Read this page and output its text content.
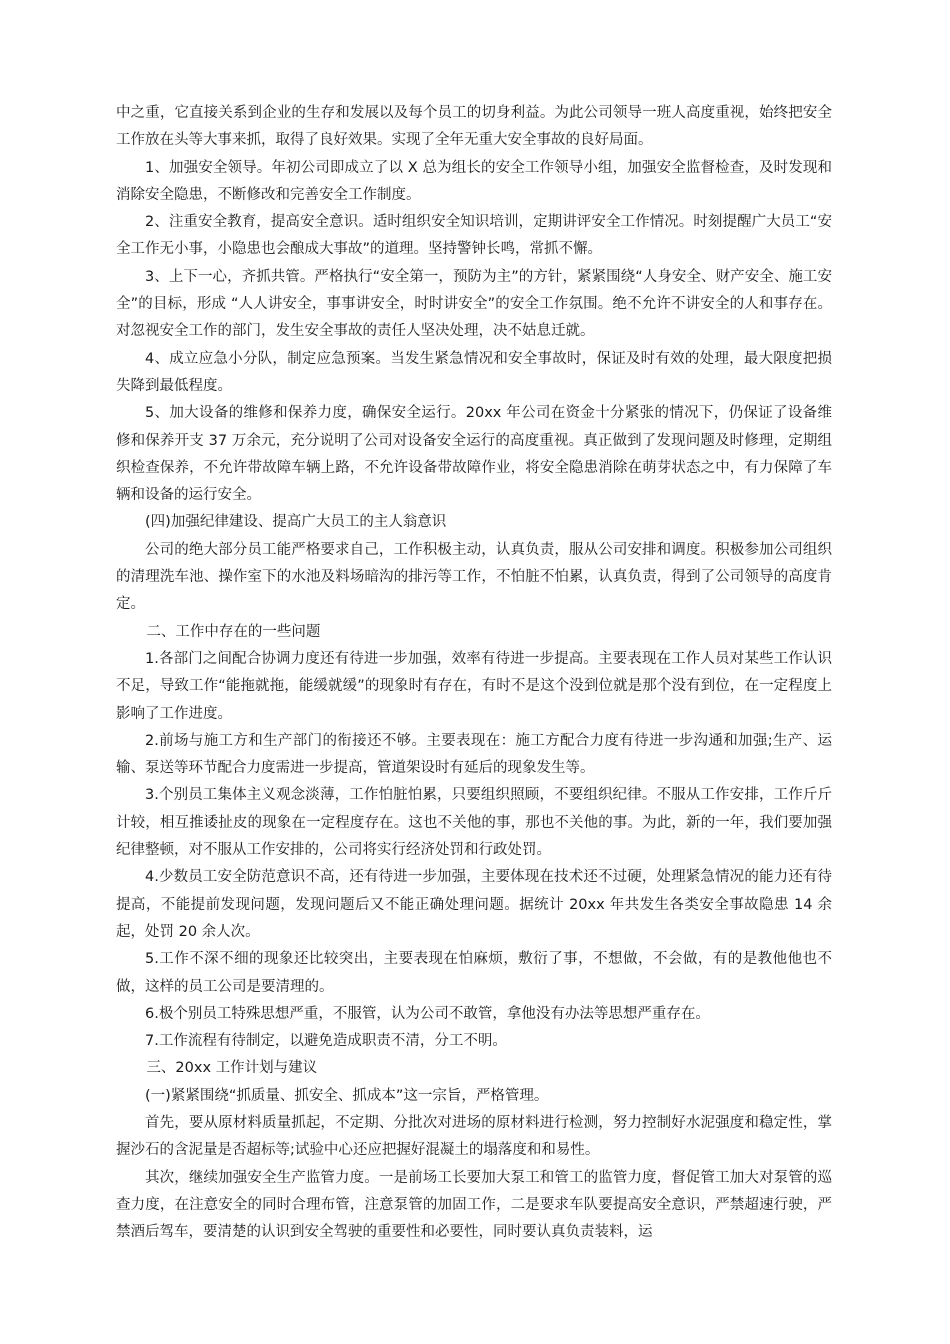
中之重，它直接关系到企业的生存和发展以及每个员工的切身利益。为此公司领导一班人高度重视，始终把安全工作放在头等大事来抓，取得了良好效果。实现了全年无重大安全事故的良好局面。

1、加强安全领导。年初公司即成立了以 X 总为组长的安全工作领导小组，加强安全监督检查，及时发现和消除安全隐患，不断修改和完善安全工作制度。

2、注重安全教育，提高安全意识。适时组织安全知识培训，定期讲评安全工作情况。时刻提醒广大员工“安全工作无小事，小隐患也会酿成大事故”的道理。坚持警钟长鸣，常抓不懈。

3、上下一心，齐抓共管。严格执行“安全第一，预防为主”的方针，紧紧围绕“人身安全、财产安全、施工安全”的目标，形成 “人人讲安全，事事讲安全，时时讲安全”的安全工作氛围。绝不允许不讲安全的人和事存在。对忽视安全工作的部门，发生安全事故的责任人坚决处理，决不姑息迁就。

4、成立应急小分队，制定应急预案。当发生紧急情况和安全事故时，保证及时有效的处理，最大限度把损失降到最低程度。

5、加大设备的维修和保养力度，确保安全运行。20xx 年公司在资金十分紧张的情况下，仍保证了设备维修和保养开支 37 万余元，充分说明了公司对设备安全运行的高度重视。真正做到了发现问题及时修理，定期组织检查保养，不允许带故障车辆上路，不允许设备带故障作业，将安全隐患消除在萌芽状态之中，有力保障了车辆和设备的运行安全。

(四)加强纪律建设、提高广大员工的主人翁意识

公司的绝大部分员工能严格要求自己，工作积极主动，认真负责，服从公司安排和调度。积极参加公司组织的清理洗车池、操作室下的水池及料场暗沟的排污等工作，不怕脏不怕累，认真负责，得到了公司领导的高度肯定。

二、工作中存在的一些问题

1.各部门之间配合协调力度还有待进一步加强，效率有待进一步提高。主要表现在工作人员对某些工作认识不足，导致工作“能拖就拖，能缓就缓”的现象时有存在，有时不是这个没到位就是那个没有到位，在一定程度上影响了工作进度。

2.前场与施工方和生产部门的衔接还不够。主要表现在：施工方配合力度有待进一步沟通和加强;生产、运输、泵送等环节配合力度需进一步提高，管道架设时有延后的现象发生等。

3.个别员工集体主义观念淡薄，工作怕脏怕累，只要组织照顾，不要组织纪律。不服从工作安排，工作斤斤计较，相互推诿扯皮的现象在一定程度存在。这也不关他的事，那也不关他的事。为此，新的一年，我们要加强纪律整顿，对不服从工作安排的，公司将实行经济处罚和行政处罚。

4.少数员工安全防范意识不高，还有待进一步加强，主要体现在技术还不过硬，处理紧急情况的能力还有待提高，不能提前发现问题，发现问题后又不能正确处理问题。据统计 20xx 年共发生各类安全事故隐患 14 余起，处罚 20 余人次。

5.工作不深不细的现象还比较突出，主要表现在怕麻烦，敷衍了事，不想做，不会做，有的是教他他也不做，这样的员工公司是要清理的。

6.极个别员工特殊思想严重，不服管，认为公司不敢管，拿他没有办法等思想严重存在。

7.工作流程有待制定，以避免造成职责不清，分工不明。

三、20xx 工作计划与建议

(一)紧紧围绕“抓质量、抓安全、抓成本”这一宗旨，严格管理。

首先，要从原材料质量抓起，不定期、分批次对进场的原材料进行检测，努力控制好水泥强度和稳定性，掌握沙石的含泥量是否超标等;试验中心还应把握好混凝土的塌落度和和易性。

其次，继续加强安全生产监管力度。一是前场工长要加大泵工和管工的监管力度，督促管工加大对泵管的巡查力度，在注意安全的同时合理布管，注意泵管的加固工作，二是要求车队要提高安全意识，严禁超速行驶，严禁酒后驾车，要清楚的认识到安全驾驶的重要性和必要性，同时要认真负责装料，运
